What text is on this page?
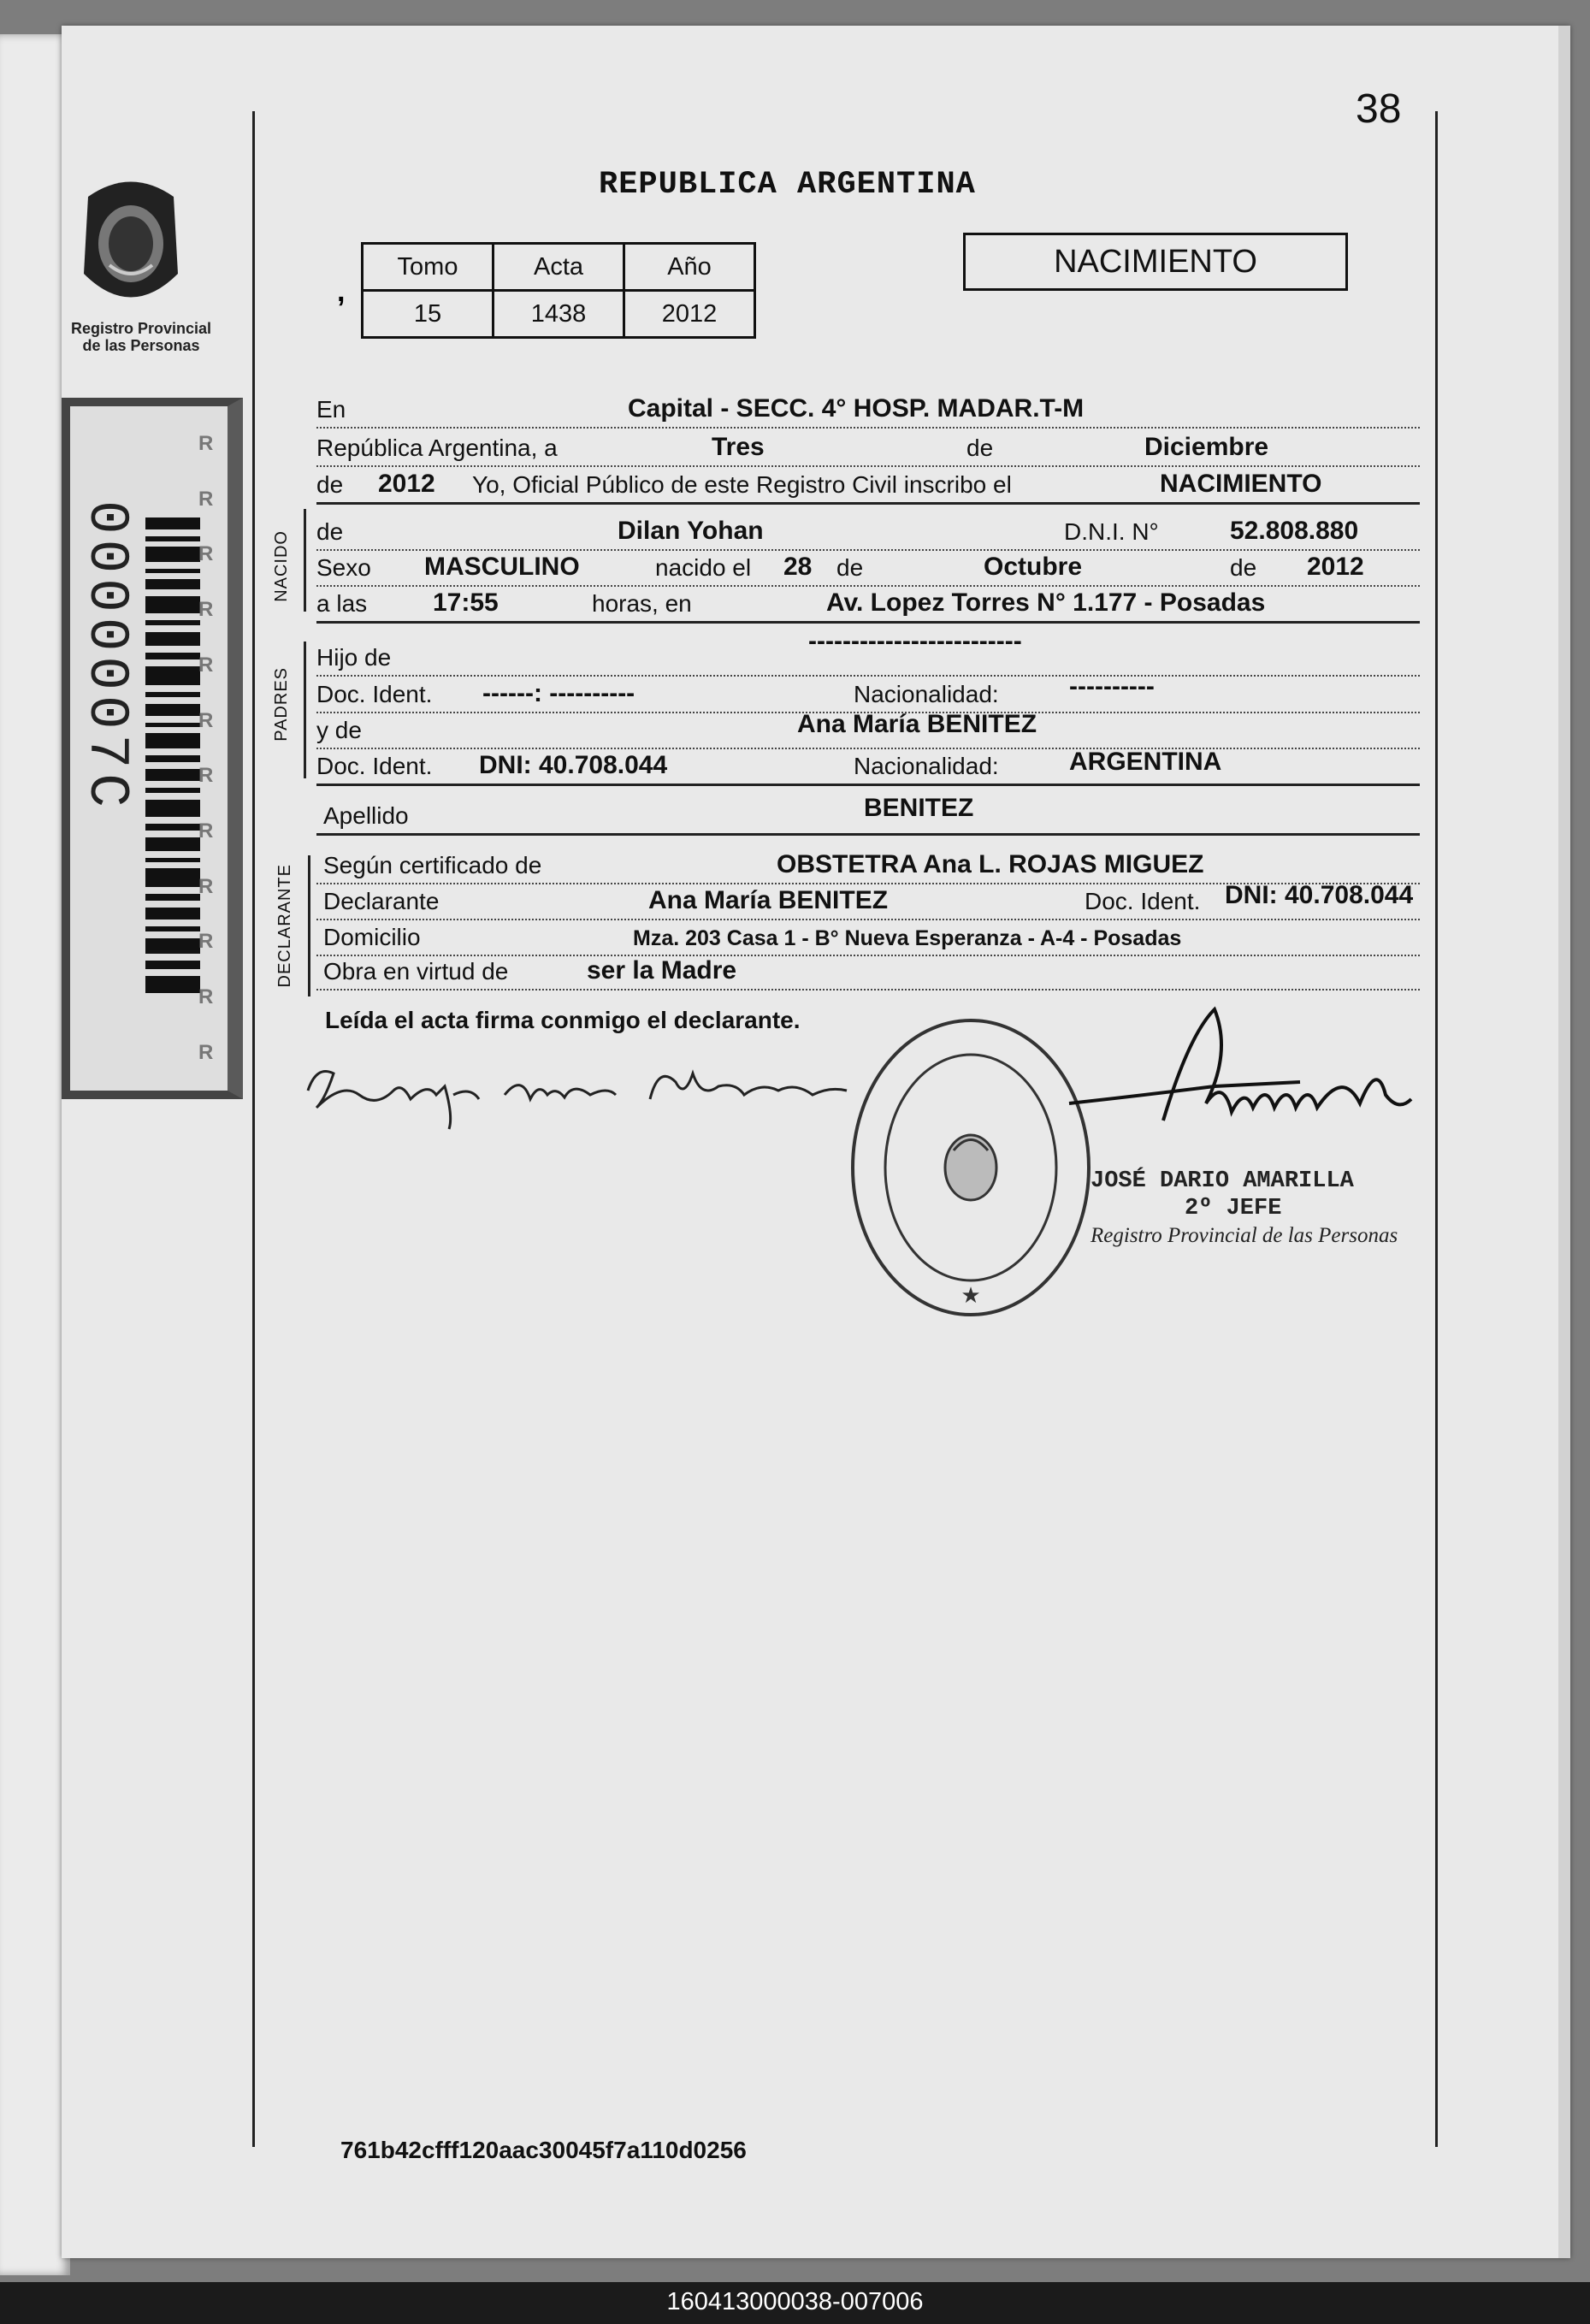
Registro Provincial de las Personas
0000007C
R
R
R
R
R
R
R
R
R
R
R
R
38
REPUBLICA ARGENTINA
,
Tomo	Acta	Año
15	1438	2012
NACIMIENTO
En	Capital - SECC. 4° HOSP. MADAR.T-M
República Argentina, a	Tres	de	Diciembre
de 2012 Yo, Oficial Público de este Registro Civil inscribo el	NACIMIENTO
NACIDO de	Dilan Yohan	D.N.I. N°	52.808.880
Sexo MASCULINO	nacido el 28 de	Octubre	de 2012
a las	17:55	horas, en	Av. Lopez Torres N° 1.177 - Posadas
PADRES
Hijo de
-------------------------
Doc. Ident. ------: ----------	Nacionalidad:	----------
y de	Ana María BENITEZ
Doc. Ident. DNI: 40.708.044	Nacionalidad:	ARGENTINA
Apellido	BENITEZ
DECLARANTE Según certificado de	OBSTETRA Ana L. ROJAS MIGUEZ
Declarante	Ana María BENITEZ	Doc. Ident. DNI: 40.708.044
Domicilio	Mza. 203 Casa 1 - B° Nueva Esperanza - A-4 - Posadas
Obra en virtud de	ser la Madre
Leída el acta firma conmigo el declarante.
★
JOSÉ DARIO AMARILLA
2º JEFE
Registro Provincial de las Personas
761b42cfff120aac30045f7a110d0256
160413000038-007006
